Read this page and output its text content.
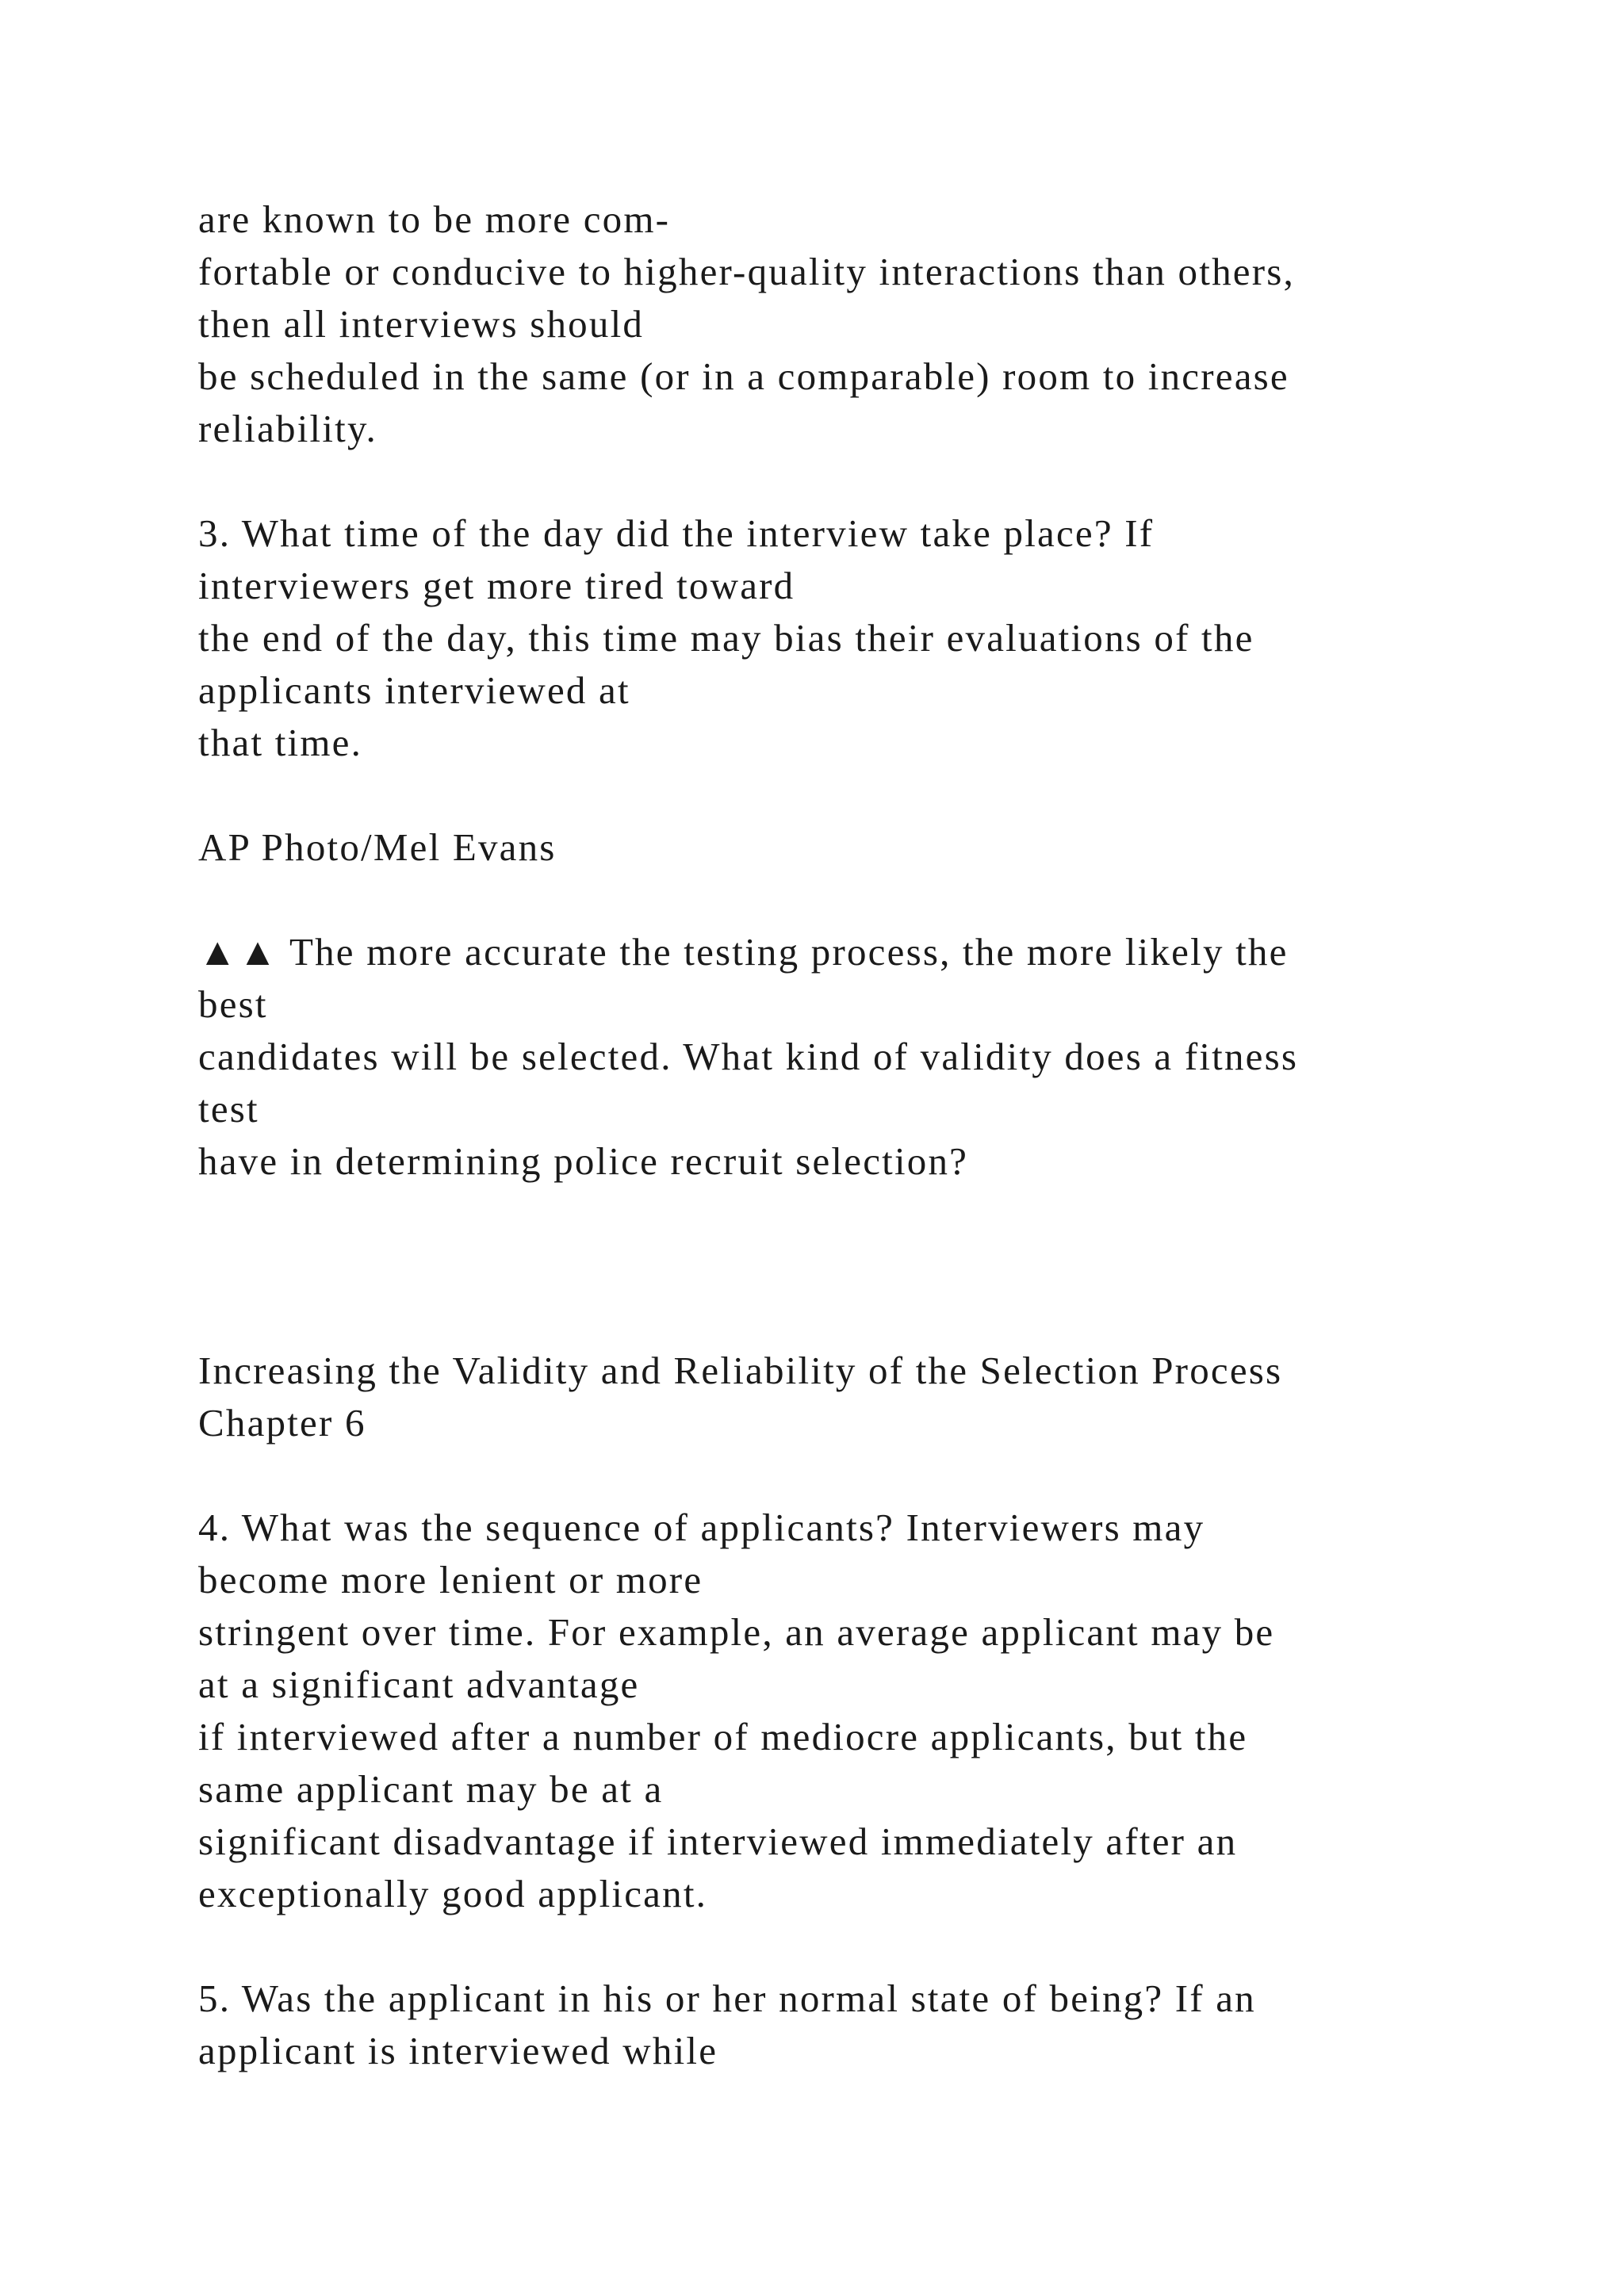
are known to be more com-
fortable or conducive to higher-quality interactions than others,
then all interviews should
be scheduled in the same (or in a comparable) room to increase
reliability.
3. What time of the day did the interview take place? If
interviewers get more tired toward
the end of the day, this time may bias their evaluations of the
applicants interviewed at
that time.
AP Photo/Mel Evans
▲▲ The more accurate the testing process, the more likely the
best
candidates will be selected. What kind of validity does a fitness
test
have in determining police recruit selection?
Increasing the Validity and Reliability of the Selection Process
Chapter 6
4. What was the sequence of applicants? Interviewers may
become more lenient or more
stringent over time. For example, an average applicant may be
at a significant advantage
if interviewed after a number of mediocre applicants, but the
same applicant may be at a
significant disadvantage if interviewed immediately after an
exceptionally good applicant.
5. Was the applicant in his or her normal state of being? If an
applicant is interviewed while
